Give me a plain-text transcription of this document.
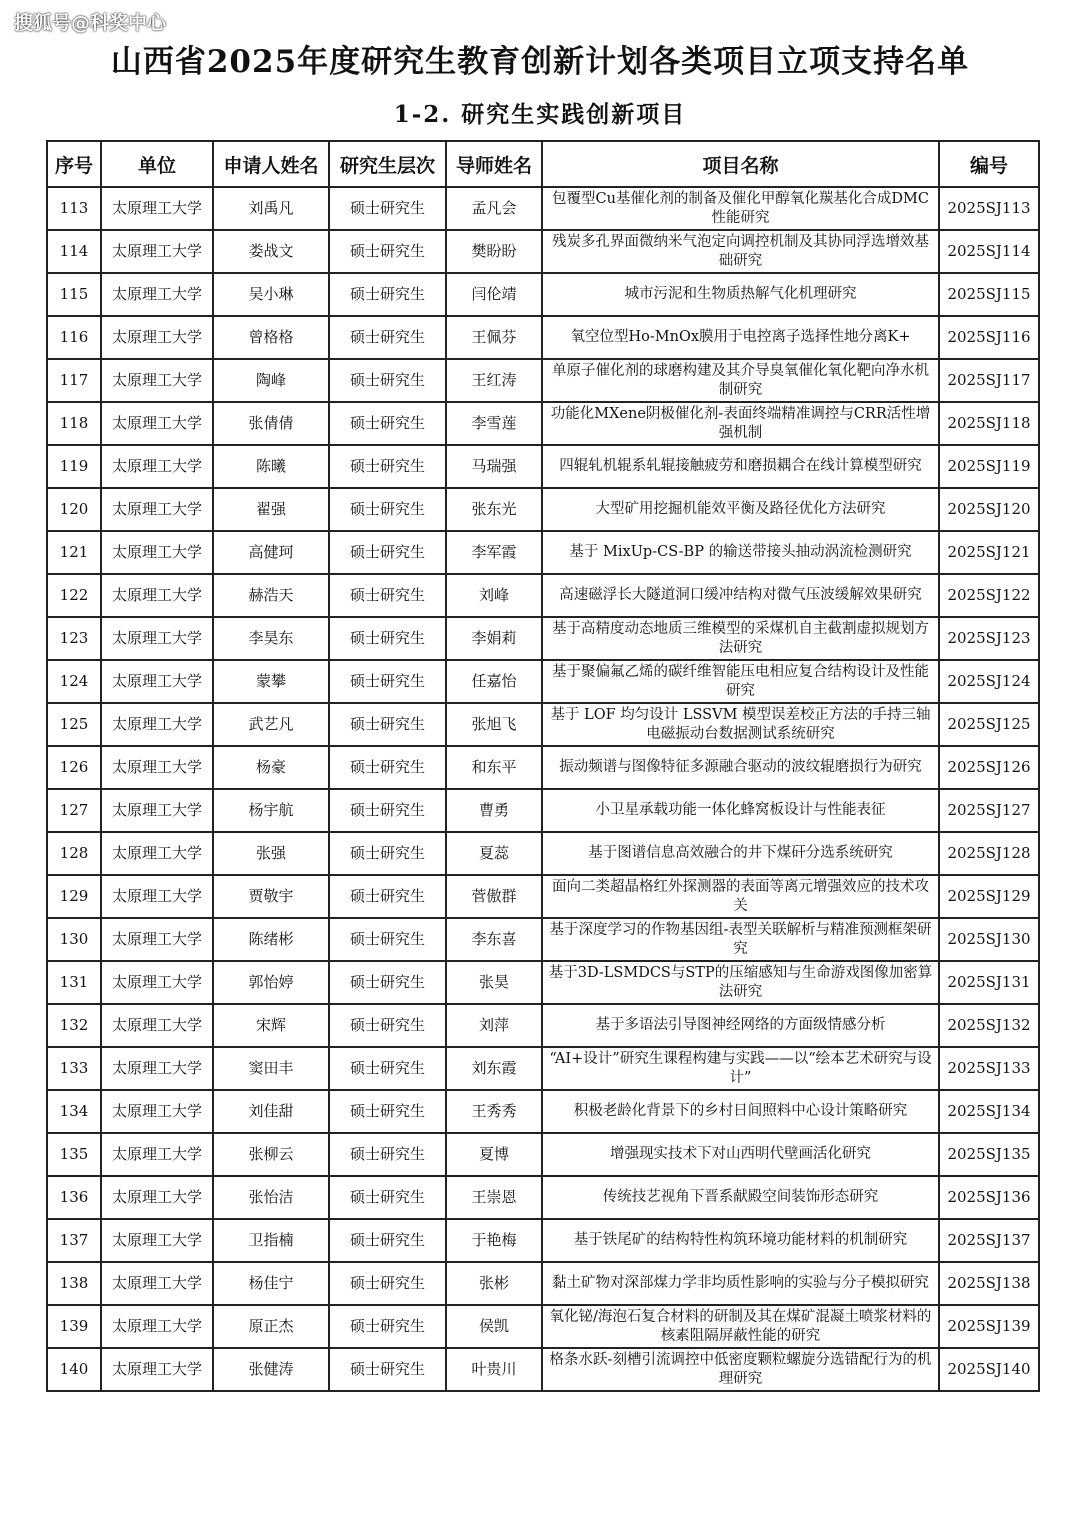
搜狐号@科奖中心
山西省2025年度研究生教育创新计划各类项目立项支持名单
1-2. 研究生实践创新项目
序号	单位	申请人姓名	研究生层次	导师姓名	项目名称	编号
113	太原理工大学	刘禹凡	硕士研究生	孟凡会	包覆型Cu基催化剂的制备及催化甲醇氧化羰基化合成DMC性能研究	2025SJ113
114	太原理工大学	娄战文	硕士研究生	樊盼盼	残炭多孔界面微纳米气泡定向调控机制及其协同浮选增效基础研究	2025SJ114
115	太原理工大学	吴小琳	硕士研究生	闫伦靖	城市污泥和生物质热解气化机理研究	2025SJ115
116	太原理工大学	曾格格	硕士研究生	王佩芬	氧空位型Ho-MnOx膜用于电控离子选择性地分离K+	2025SJ116
117	太原理工大学	陶峰	硕士研究生	王红涛	单原子催化剂的球磨构建及其介导臭氧催化氧化靶向净水机制研究	2025SJ117
118	太原理工大学	张倩倩	硕士研究生	李雪莲	功能化MXene阴极催化剂-表面终端精准调控与CRR活性增强机制	2025SJ118
119	太原理工大学	陈曦	硕士研究生	马瑞强	四辊轧机辊系轧辊接触疲劳和磨损耦合在线计算模型研究	2025SJ119
120	太原理工大学	翟强	硕士研究生	张东光	大型矿用挖掘机能效平衡及路径优化方法研究	2025SJ120
121	太原理工大学	高健珂	硕士研究生	李军霞	基于 MixUp-CS-BP 的输送带接头抽动涡流检测研究	2025SJ121
122	太原理工大学	赫浩天	硕士研究生	刘峰	高速磁浮长大隧道洞口缓冲结构对微气压波缓解效果研究	2025SJ122
123	太原理工大学	李昊东	硕士研究生	李娟莉	基于高精度动态地质三维模型的采煤机自主截割虚拟规划方法研究	2025SJ123
124	太原理工大学	蒙攀	硕士研究生	任嘉怡	基于聚偏氟乙烯的碳纤维智能压电相应复合结构设计及性能研究	2025SJ124
125	太原理工大学	武艺凡	硕士研究生	张旭飞	基于 LOF 均匀设计 LSSVM 模型误差校正方法的手持三轴电磁振动台数据测试系统研究	2025SJ125
126	太原理工大学	杨豪	硕士研究生	和东平	振动频谱与图像特征多源融合驱动的波纹辊磨损行为研究	2025SJ126
127	太原理工大学	杨宇航	硕士研究生	曹勇	小卫星承载功能一体化蜂窝板设计与性能表征	2025SJ127
128	太原理工大学	张强	硕士研究生	夏蕊	基于图谱信息高效融合的井下煤矸分选系统研究	2025SJ128
129	太原理工大学	贾敬宇	硕士研究生	菅傲群	面向二类超晶格红外探测器的表面等离元增强效应的技术攻关	2025SJ129
130	太原理工大学	陈绪彬	硕士研究生	李东喜	基于深度学习的作物基因组-表型关联解析与精准预测框架研究	2025SJ130
131	太原理工大学	郭怡婷	硕士研究生	张昊	基于3D-LSMDCS与STP的压缩感知与生命游戏图像加密算法研究	2025SJ131
132	太原理工大学	宋辉	硕士研究生	刘萍	基于多语法引导图神经网络的方面级情感分析	2025SJ132
133	太原理工大学	窦田丰	硕士研究生	刘东霞	“AI+设计”研究生课程构建与实践——以“绘本艺术研究与设计”	2025SJ133
134	太原理工大学	刘佳甜	硕士研究生	王秀秀	积极老龄化背景下的乡村日间照料中心设计策略研究	2025SJ134
135	太原理工大学	张柳云	硕士研究生	夏博	增强现实技术下对山西明代壁画活化研究	2025SJ135
136	太原理工大学	张怡洁	硕士研究生	王崇恩	传统技艺视角下晋系献殿空间装饰形态研究	2025SJ136
137	太原理工大学	卫指楠	硕士研究生	于艳梅	基于铁尾矿的结构特性构筑环境功能材料的机制研究	2025SJ137
138	太原理工大学	杨佳宁	硕士研究生	张彬	黏土矿物对深部煤力学非均质性影响的实验与分子模拟研究	2025SJ138
139	太原理工大学	原正杰	硕士研究生	侯凯	氧化铋/海泡石复合材料的研制及其在煤矿混凝土喷浆材料的核素阻隔屏蔽性能的研究	2025SJ139
140	太原理工大学	张健涛	硕士研究生	叶贵川	格条水跃-刻槽引流调控中低密度颗粒螺旋分选错配行为的机理研究	2025SJ140
